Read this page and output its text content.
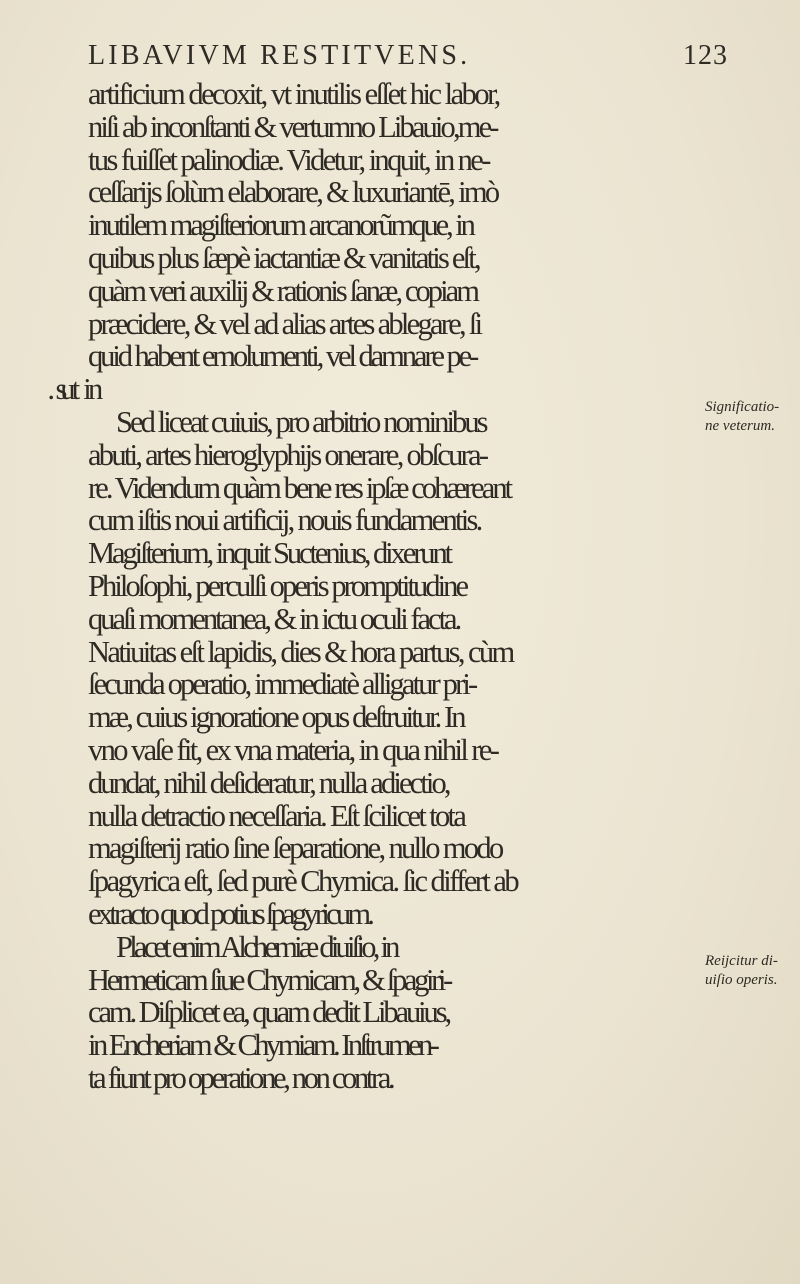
LIBAVIVM RESTITVENS.	123
artificium decoxit, vt inutilis eſſet hic labor,
niſi ab inconſtanti & vertumno Libauio,me-
tus fuiſſet palinodiæ. Videtur, inquit, in ne-
ceſſarijs ſolùm elaborare, & luxuriantē, imò
inutilem magiſteriorum arcanorũmque, in
quibus plus ſæpè iactantiæ & vanitatis eſt,
quàm veri auxilij & rationis ſanæ, copiam
præcidere, & vel ad alias artes ablegare, ſi
quid habent emolumenti, vel damnare pe-
Sed liceat cuiuis, pro arbitrio nominibus
abuti, artes hieroglyphijs onerare, obſcura-
re. Videndum quàm bene res ipſæ cohæreant
cum iſtis noui artificij, nouis fundamentis.
Magiſterium, inquit Suctenius, dixerunt
Philoſophi, perculſi operis promptitudine
quaſi momentanea, & in ictu oculi facta.
Natiuitas eſt lapidis, dies & hora partus, cùm
ſecunda operatio, immediatè alligatur pri-
mæ, cuius ignoratione opus deſtruitur. In
vno vaſe fit, ex vna materia, in qua nihil re-
dundat, nihil deſideratur, nulla adiectio,
nulla detractio neceſſaria. Eſt ſcilicet tota
magiſterij ratio ſine ſeparatione, nullo modo
ſpagyrica eſt, ſed purè Chymica. ſic differt ab
extracto quod potius ſpagyricum.
Placet enim Alchemiæ diuiſio, in
Hermeticam ſiue Chymicam, & ſpagiri-
cam. Diſplicet ea, quam dedit Libauius,
in Encheriam & Chymiam. Inſtrumen-
ta fiunt pro operatione, non contra.
Significatio-
ne veterum.
Reijcitur di-
uiſio operis.
